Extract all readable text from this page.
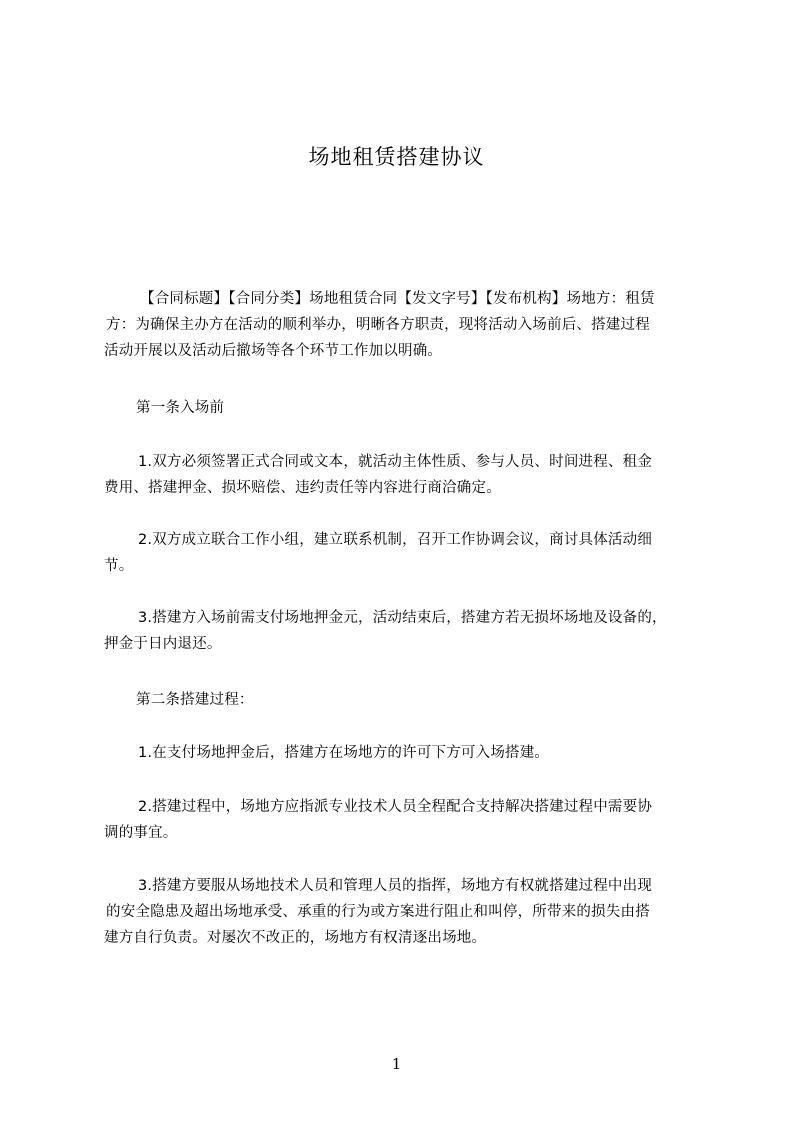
场地租赁搭建协议

【合同标题】【合同分类】场地租赁合同【发文字号】【发布机构】场地方：租赁
方：为确保主办方在活动的顺利举办，明晰各方职责，现将活动入场前后、搭建过程
活动开展以及活动后撤场等各个环节工作加以明确。

第一条入场前

1.双方必须签署正式合同或文本，就活动主体性质、参与人员、时间进程、租金
费用、搭建押金、损坏赔偿、违约责任等内容进行商洽确定。

2.双方成立联合工作小组，建立联系机制，召开工作协调会议，商讨具体活动细
节。

3.搭建方入场前需支付场地押金元，活动结束后，搭建方若无损坏场地及设备的，
押金于日内退还。

第二条搭建过程：

1.在支付场地押金后，搭建方在场地方的许可下方可入场搭建。

2.搭建过程中，场地方应指派专业技术人员全程配合支持解决搭建过程中需要协
调的事宜。

3.搭建方要服从场地技术人员和管理人员的指挥，场地方有权就搭建过程中出现
的安全隐患及超出场地承受、承重的行为或方案进行阻止和叫停，所带来的损失由搭
建方自行负责。对屡次不改正的，场地方有权清逐出场地。

1
